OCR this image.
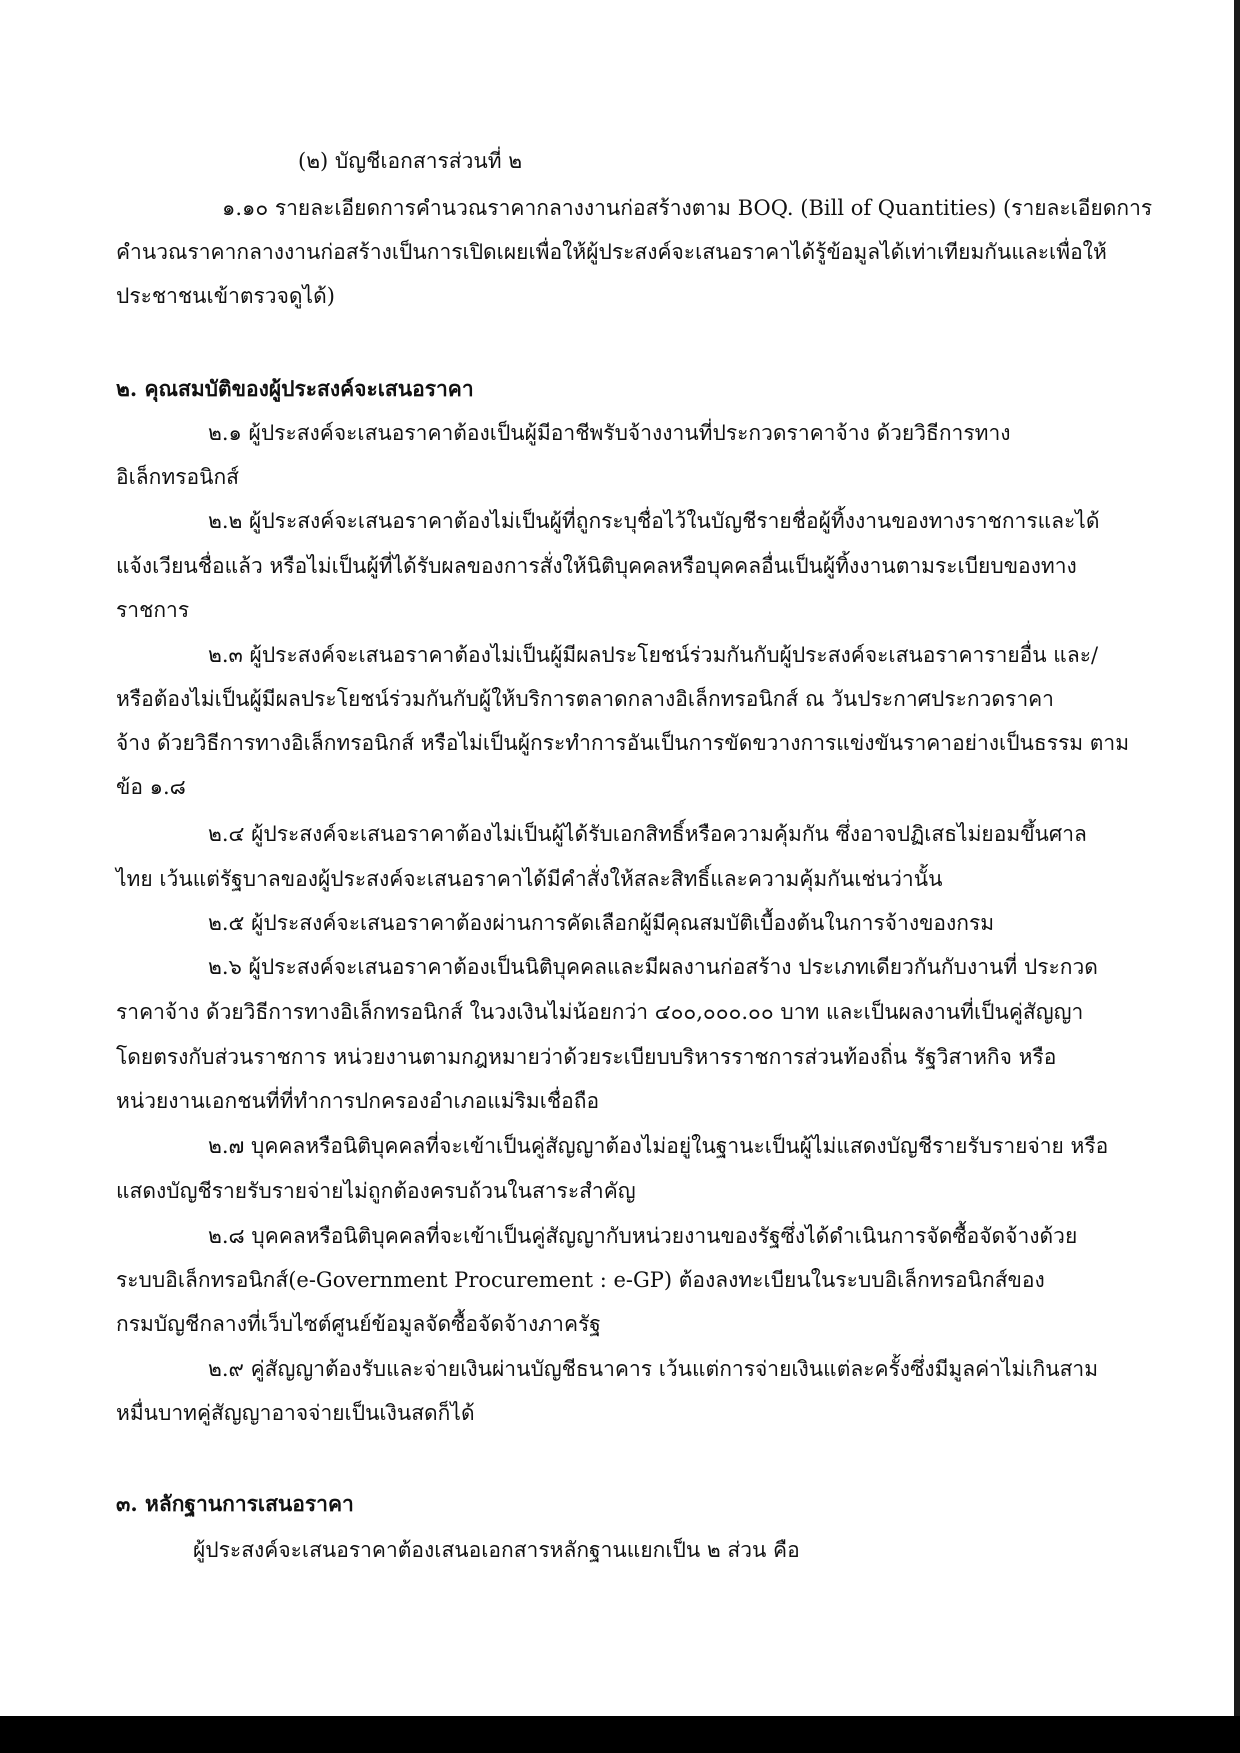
(๒) บัญชีเอกสารส่วนที่ ๒
๑.๑๐ รายละเอียดการคำนวณราคากลางงานก่อสร้างตาม BOQ. (Bill of Quantities) (รายละเอียดการ
คำนวณราคากลางงานก่อสร้างเป็นการเปิดเผยเพื่อให้ผู้ประสงค์จะเสนอราคาได้รู้ข้อมูลได้เท่าเทียมกันและเพื่อให้
ประชาชนเข้าตรวจดูได้)
๒. คุณสมบัติของผู้ประสงค์จะเสนอราคา
๒.๑ ผู้ประสงค์จะเสนอราคาต้องเป็นผู้มีอาชีพรับจ้างงานที่ประกวดราคาจ้าง ด้วยวิธีการทาง
อิเล็กทรอนิกส์
๒.๒ ผู้ประสงค์จะเสนอราคาต้องไม่เป็นผู้ที่ถูกระบุชื่อไว้ในบัญชีรายชื่อผู้ทิ้งงานของทางราชการและได้
แจ้งเวียนชื่อแล้ว หรือไม่เป็นผู้ที่ได้รับผลของการสั่งให้นิติบุคคลหรือบุคคลอื่นเป็นผู้ทิ้งงานตามระเบียบของทาง
ราชการ
๒.๓ ผู้ประสงค์จะเสนอราคาต้องไม่เป็นผู้มีผลประโยชน์ร่วมกันกับผู้ประสงค์จะเสนอราคารายอื่น และ/
หรือต้องไม่เป็นผู้มีผลประโยชน์ร่วมกันกับผู้ให้บริการตลาดกลางอิเล็กทรอนิกส์ ณ วันประกาศประกวดราคา
จ้าง ด้วยวิธีการทางอิเล็กทรอนิกส์ หรือไม่เป็นผู้กระทำการอันเป็นการขัดขวางการแข่งขันราคาอย่างเป็นธรรม ตาม
ข้อ ๑.๘
๒.๔ ผู้ประสงค์จะเสนอราคาต้องไม่เป็นผู้ได้รับเอกสิทธิ์หรือความคุ้มกัน ซึ่งอาจปฏิเสธไม่ยอมขึ้นศาล
ไทย เว้นแต่รัฐบาลของผู้ประสงค์จะเสนอราคาได้มีคำสั่งให้สละสิทธิ์และความคุ้มกันเช่นว่านั้น
๒.๕ ผู้ประสงค์จะเสนอราคาต้องผ่านการคัดเลือกผู้มีคุณสมบัติเบื้องต้นในการจ้างของกรม
๒.๖ ผู้ประสงค์จะเสนอราคาต้องเป็นนิติบุคคลและมีผลงานก่อสร้าง ประเภทเดียวกันกับงานที่ ประกวด
ราคาจ้าง ด้วยวิธีการทางอิเล็กทรอนิกส์ ในวงเงินไม่น้อยกว่า ๔๐๐,๐๐๐.๐๐ บาท และเป็นผลงานที่เป็นคู่สัญญา
โดยตรงกับส่วนราชการ หน่วยงานตามกฎหมายว่าด้วยระเบียบบริหารราชการส่วนท้องถิ่น รัฐวิสาหกิจ หรือ
หน่วยงานเอกชนที่ที่ทำการปกครองอำเภอแม่ริมเชื่อถือ
๒.๗ บุคคลหรือนิติบุคคลที่จะเข้าเป็นคู่สัญญาต้องไม่อยู่ในฐานะเป็นผู้ไม่แสดงบัญชีรายรับรายจ่าย หรือ
แสดงบัญชีรายรับรายจ่ายไม่ถูกต้องครบถ้วนในสาระสำคัญ
๒.๘ บุคคลหรือนิติบุคคลที่จะเข้าเป็นคู่สัญญากับหน่วยงานของรัฐซึ่งได้ดำเนินการจัดซื้อจัดจ้างด้วย
ระบบอิเล็กทรอนิกส์(e-Government Procurement : e-GP) ต้องลงทะเบียนในระบบอิเล็กทรอนิกส์ของ
กรมบัญชีกลางที่เว็บไซต์ศูนย์ข้อมูลจัดซื้อจัดจ้างภาครัฐ
๒.๙ คู่สัญญาต้องรับและจ่ายเงินผ่านบัญชีธนาคาร เว้นแต่การจ่ายเงินแต่ละครั้งซึ่งมีมูลค่าไม่เกินสาม
หมื่นบาทคู่สัญญาอาจจ่ายเป็นเงินสดก็ได้
๓. หลักฐานการเสนอราคา
ผู้ประสงค์จะเสนอราคาต้องเสนอเอกสารหลักฐานแยกเป็น ๒ ส่วน คือ
